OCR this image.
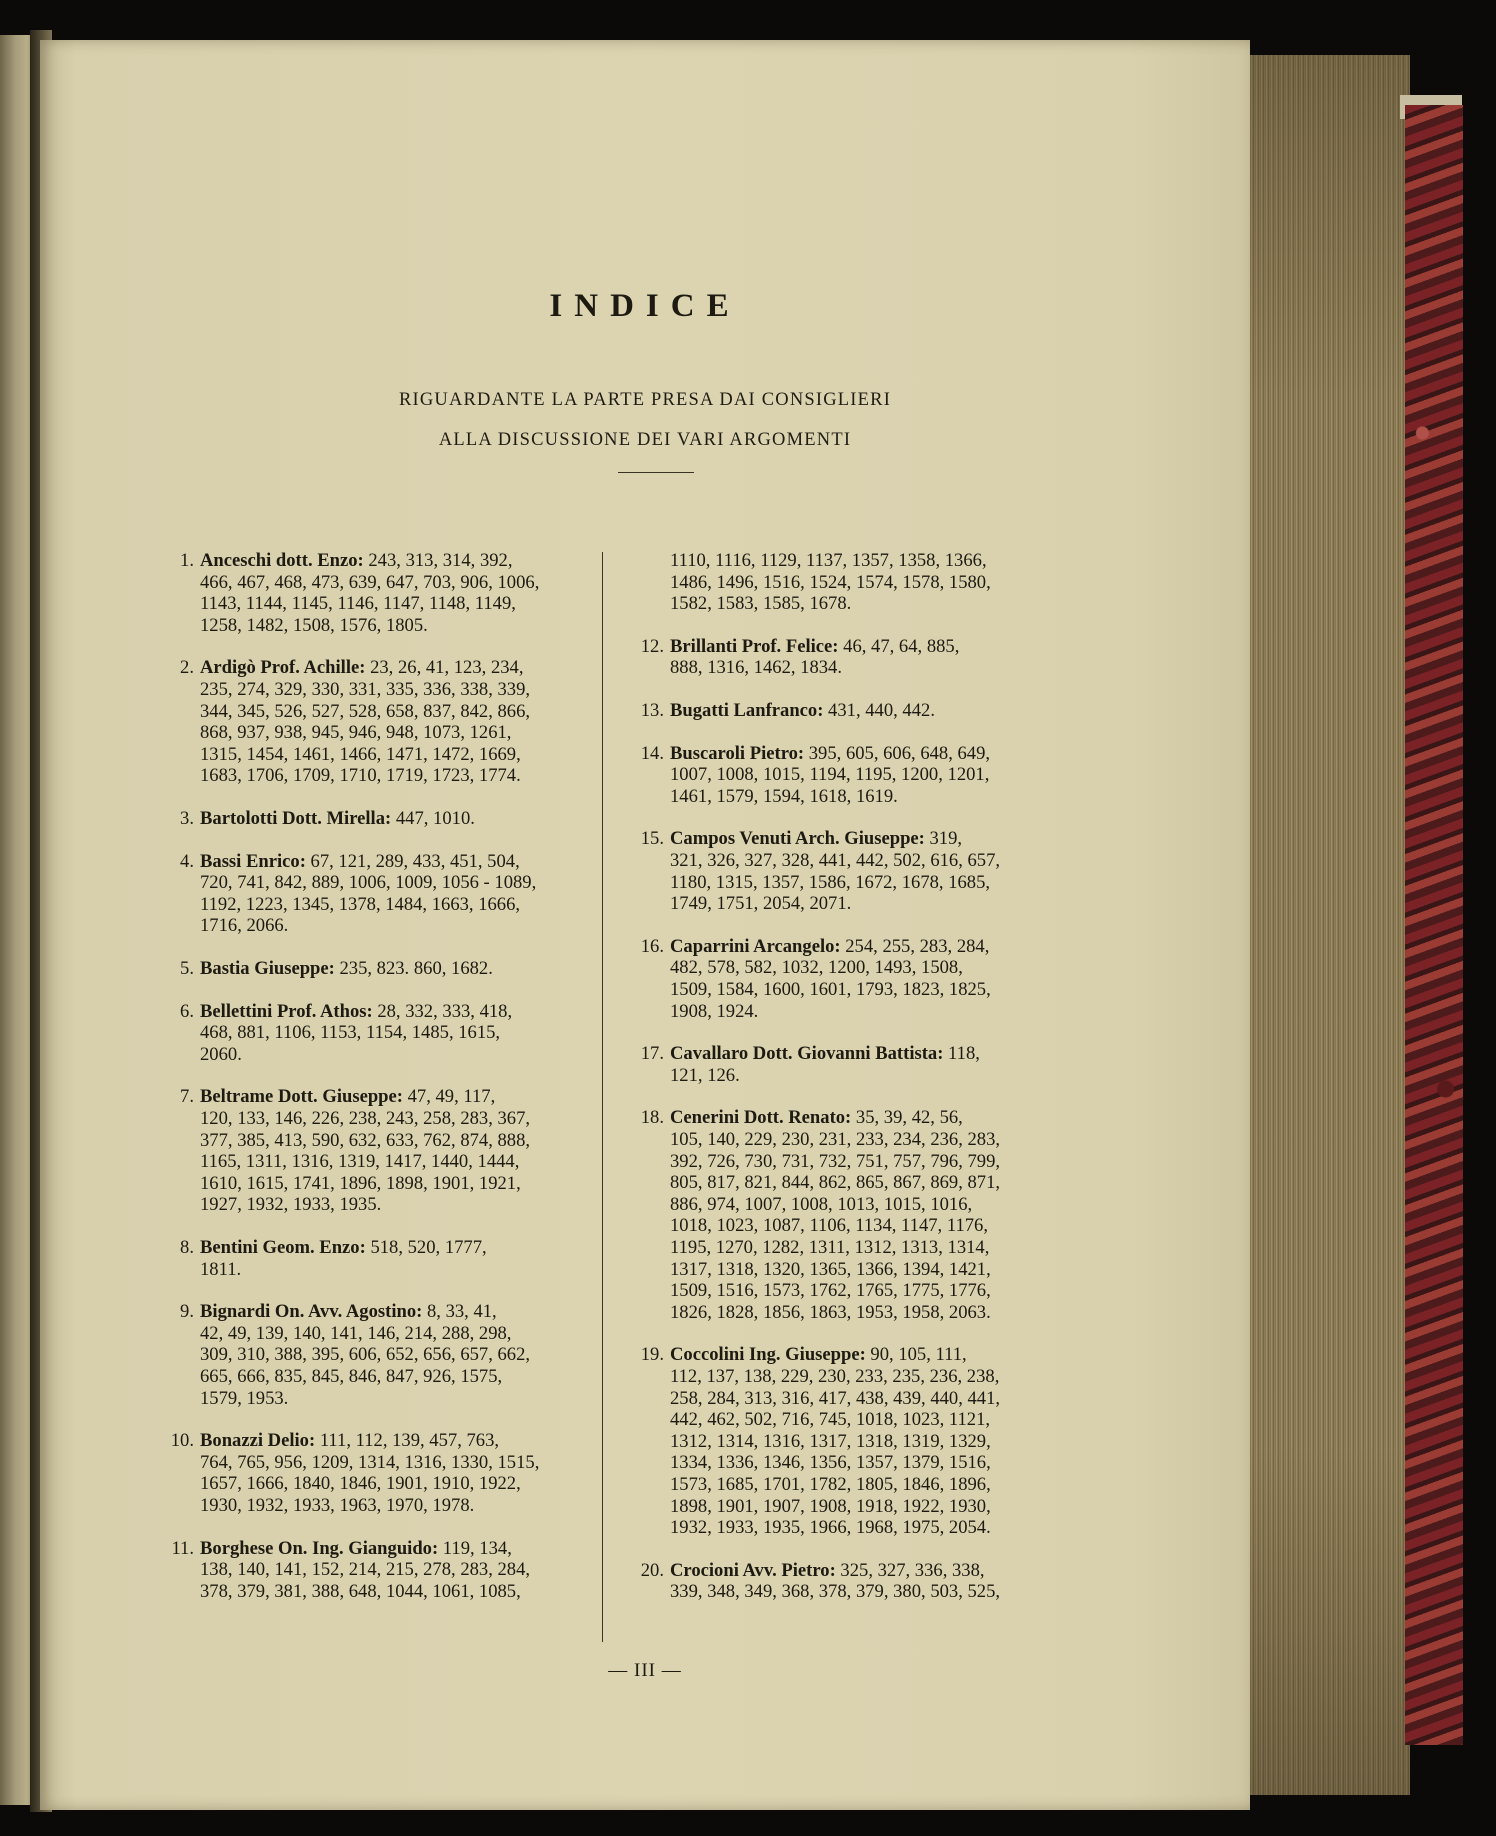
INDICE
RIGUARDANTE LA PARTE PRESA DAI CONSIGLIERI
ALLA DISCUSSIONE DEI VARI ARGOMENTI
1. Anceschi dott. Enzo: 243, 313, 314, 392,
466, 467, 468, 473, 639, 647, 703, 906, 1006,
1143, 1144, 1145, 1146, 1147, 1148, 1149,
1258, 1482, 1508, 1576, 1805.
2. Ardigò Prof. Achille: 23, 26, 41, 123, 234,
235, 274, 329, 330, 331, 335, 336, 338, 339,
344, 345, 526, 527, 528, 658, 837, 842, 866,
868, 937, 938, 945, 946, 948, 1073, 1261,
1315, 1454, 1461, 1466, 1471, 1472, 1669,
1683, 1706, 1709, 1710, 1719, 1723, 1774.
3. Bartolotti Dott. Mirella: 447, 1010.
4. Bassi Enrico: 67, 121, 289, 433, 451, 504,
720, 741, 842, 889, 1006, 1009, 1056 - 1089,
1192, 1223, 1345, 1378, 1484, 1663, 1666,
1716, 2066.
5. Bastia Giuseppe: 235, 823. 860, 1682.
6. Bellettini Prof. Athos: 28, 332, 333, 418,
468, 881, 1106, 1153, 1154, 1485, 1615,
2060.
7. Beltrame Dott. Giuseppe: 47, 49, 117,
120, 133, 146, 226, 238, 243, 258, 283, 367,
377, 385, 413, 590, 632, 633, 762, 874, 888,
1165, 1311, 1316, 1319, 1417, 1440, 1444,
1610, 1615, 1741, 1896, 1898, 1901, 1921,
1927, 1932, 1933, 1935.
8. Bentini Geom. Enzo: 518, 520, 1777,
1811.
9. Bignardi On. Avv. Agostino: 8, 33, 41,
42, 49, 139, 140, 141, 146, 214, 288, 298,
309, 310, 388, 395, 606, 652, 656, 657, 662,
665, 666, 835, 845, 846, 847, 926, 1575,
1579, 1953.
10. Bonazzi Delio: 111, 112, 139, 457, 763,
764, 765, 956, 1209, 1314, 1316, 1330, 1515,
1657, 1666, 1840, 1846, 1901, 1910, 1922,
1930, 1932, 1933, 1963, 1970, 1978.
11. Borghese On. Ing. Gianguido: 119, 134,
138, 140, 141, 152, 214, 215, 278, 283, 284,
378, 379, 381, 388, 648, 1044, 1061, 1085,
1110, 1116, 1129, 1137, 1357, 1358, 1366,
1486, 1496, 1516, 1524, 1574, 1578, 1580,
1582, 1583, 1585, 1678.
12. Brillanti Prof. Felice: 46, 47, 64, 885,
888, 1316, 1462, 1834.
13. Bugatti Lanfranco: 431, 440, 442.
14. Buscaroli Pietro: 395, 605, 606, 648, 649,
1007, 1008, 1015, 1194, 1195, 1200, 1201,
1461, 1579, 1594, 1618, 1619.
15. Campos Venuti Arch. Giuseppe: 319,
321, 326, 327, 328, 441, 442, 502, 616, 657,
1180, 1315, 1357, 1586, 1672, 1678, 1685,
1749, 1751, 2054, 2071.
16. Caparrini Arcangelo: 254, 255, 283, 284,
482, 578, 582, 1032, 1200, 1493, 1508,
1509, 1584, 1600, 1601, 1793, 1823, 1825,
1908, 1924.
17. Cavallaro Dott. Giovanni Battista: 118,
121, 126.
18. Cenerini Dott. Renato: 35, 39, 42, 56,
105, 140, 229, 230, 231, 233, 234, 236, 283,
392, 726, 730, 731, 732, 751, 757, 796, 799,
805, 817, 821, 844, 862, 865, 867, 869, 871,
886, 974, 1007, 1008, 1013, 1015, 1016,
1018, 1023, 1087, 1106, 1134, 1147, 1176,
1195, 1270, 1282, 1311, 1312, 1313, 1314,
1317, 1318, 1320, 1365, 1366, 1394, 1421,
1509, 1516, 1573, 1762, 1765, 1775, 1776,
1826, 1828, 1856, 1863, 1953, 1958, 2063.
19. Coccolini Ing. Giuseppe: 90, 105, 111,
112, 137, 138, 229, 230, 233, 235, 236, 238,
258, 284, 313, 316, 417, 438, 439, 440, 441,
442, 462, 502, 716, 745, 1018, 1023, 1121,
1312, 1314, 1316, 1317, 1318, 1319, 1329,
1334, 1336, 1346, 1356, 1357, 1379, 1516,
1573, 1685, 1701, 1782, 1805, 1846, 1896,
1898, 1901, 1907, 1908, 1918, 1922, 1930,
1932, 1933, 1935, 1966, 1968, 1975, 2054.
20. Crocioni Avv. Pietro: 325, 327, 336, 338,
339, 348, 349, 368, 378, 379, 380, 503, 525,
— III —
